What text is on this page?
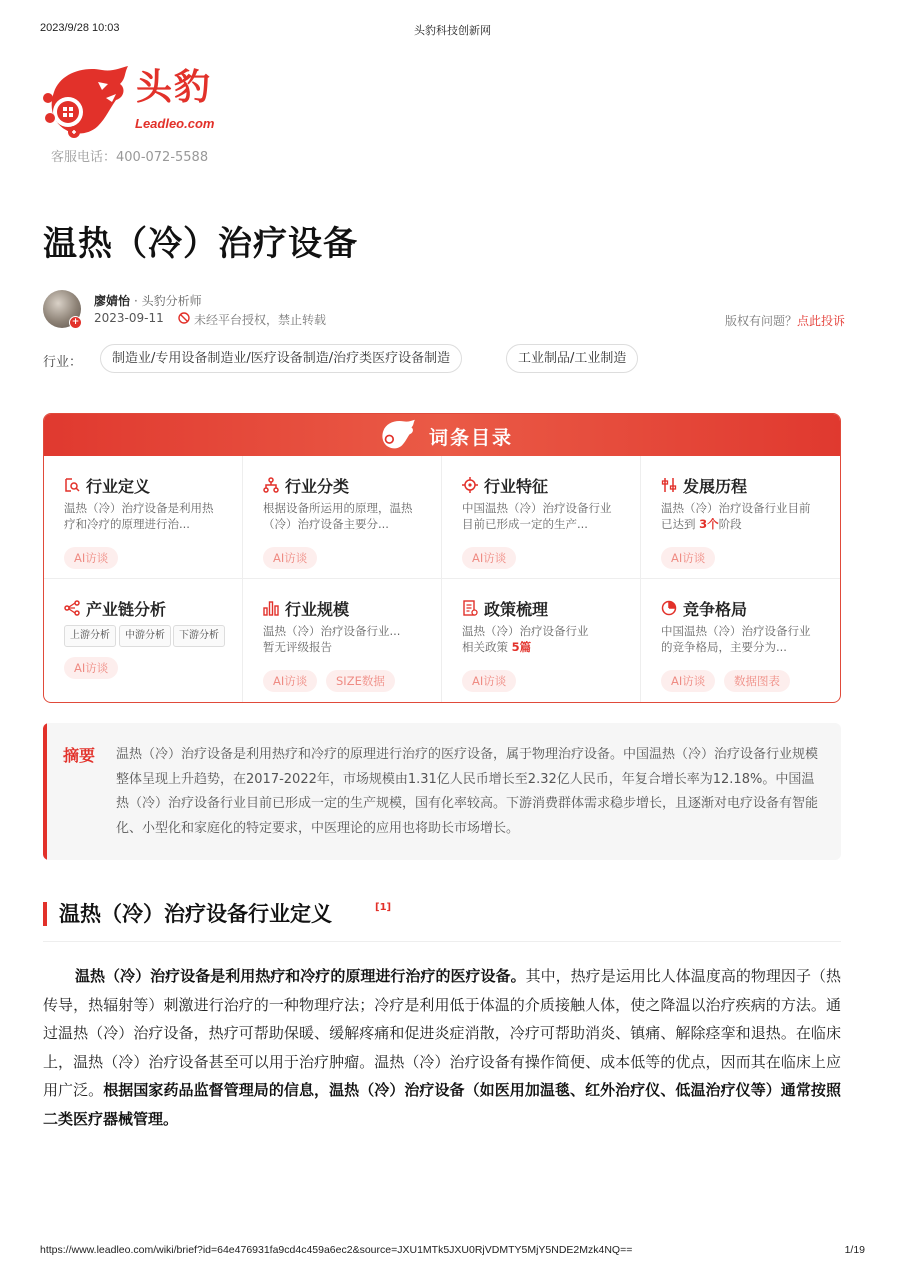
2023/9/28 10:03	头豹科技创新网
头豹
Leadleo.com
客服电话：400-072-5588
温热（冷）治疗设备
+
廖婧怡 · 头豹分析师
2023-09-11	未经平台授权，禁止转载	版权有问题？点此投诉
行业：	制造业/专用设备制造业/医疗设备制造/治疗类医疗设备制造	工业制品/工业制造
词条目录
行业定义
温热（冷）治疗设备是利用热疗和冷疗的原理进行治...
AI访谈
行业分类
根据设备所运用的原理，温热（冷）治疗设备主要分...
AI访谈
行业特征
中国温热（冷）治疗设备行业目前已形成一定的生产...
AI访谈
发展历程
温热（冷）治疗设备行业目前已达到 3个阶段
AI访谈
产业链分析
上游分析	中游分析	下游分析
AI访谈
行业规模
温热（冷）治疗设备行业...
暂无评级报告
AI访谈	SIZE数据
政策梳理
温热（冷）治疗设备行业
相关政策 5篇
AI访谈
竞争格局
中国温热（冷）治疗设备行业的竞争格局，主要分为...
AI访谈	数据图表
摘要 温热（冷）治疗设备是利用热疗和冷疗的原理进行治疗的医疗设备，属于物理治疗设备。中国温热（冷）治疗设备行业规模整体呈现上升趋势，在2017-2022年，市场规模由1.31亿人民币增长至2.32亿人民币，年复合增长率为12.18%。中国温热（冷）治疗设备行业目前已形成一定的生产规模，国有化率较高。下游消费群体需求稳步增长，且逐渐对电疗设备有智能化、小型化和家庭化的特定要求，中医理论的应用也将助长市场增长。

温热（冷）治疗设备行业定义	[1]

温热（冷）治疗设备是利用热疗和冷疗的原理进行治疗的医疗设备。其中，热疗是运用比人体温度高的物理因子（热传导，热辐射等）刺激进行治疗的一种物理疗法；冷疗是利用低于体温的介质接触人体，使之降温以治疗疾病的方法。通过温热（冷）治疗设备，热疗可帮助保暖、缓解疼痛和促进炎症消散，冷疗可帮助消炎、镇痛、解除痉挛和退热。在临床上，温热（冷）治疗设备甚至可以用于治疗肿瘤。温热（冷）治疗设备有操作简便、成本低等的优点，因而其在临床上应用广泛。根据国家药品监督管理局的信息，温热（冷）治疗设备（如医用加温毯、红外治疗仪、低温治疗仪等）通常按照二类医疗器械管理。

https://www.leadleo.com/wiki/brief?id=64e476931fa9cd4c459a6ec2&source=JXU1MTk5JXU0RjVDMTY5MjY5NDE2Mzk4NQ==	1/19
